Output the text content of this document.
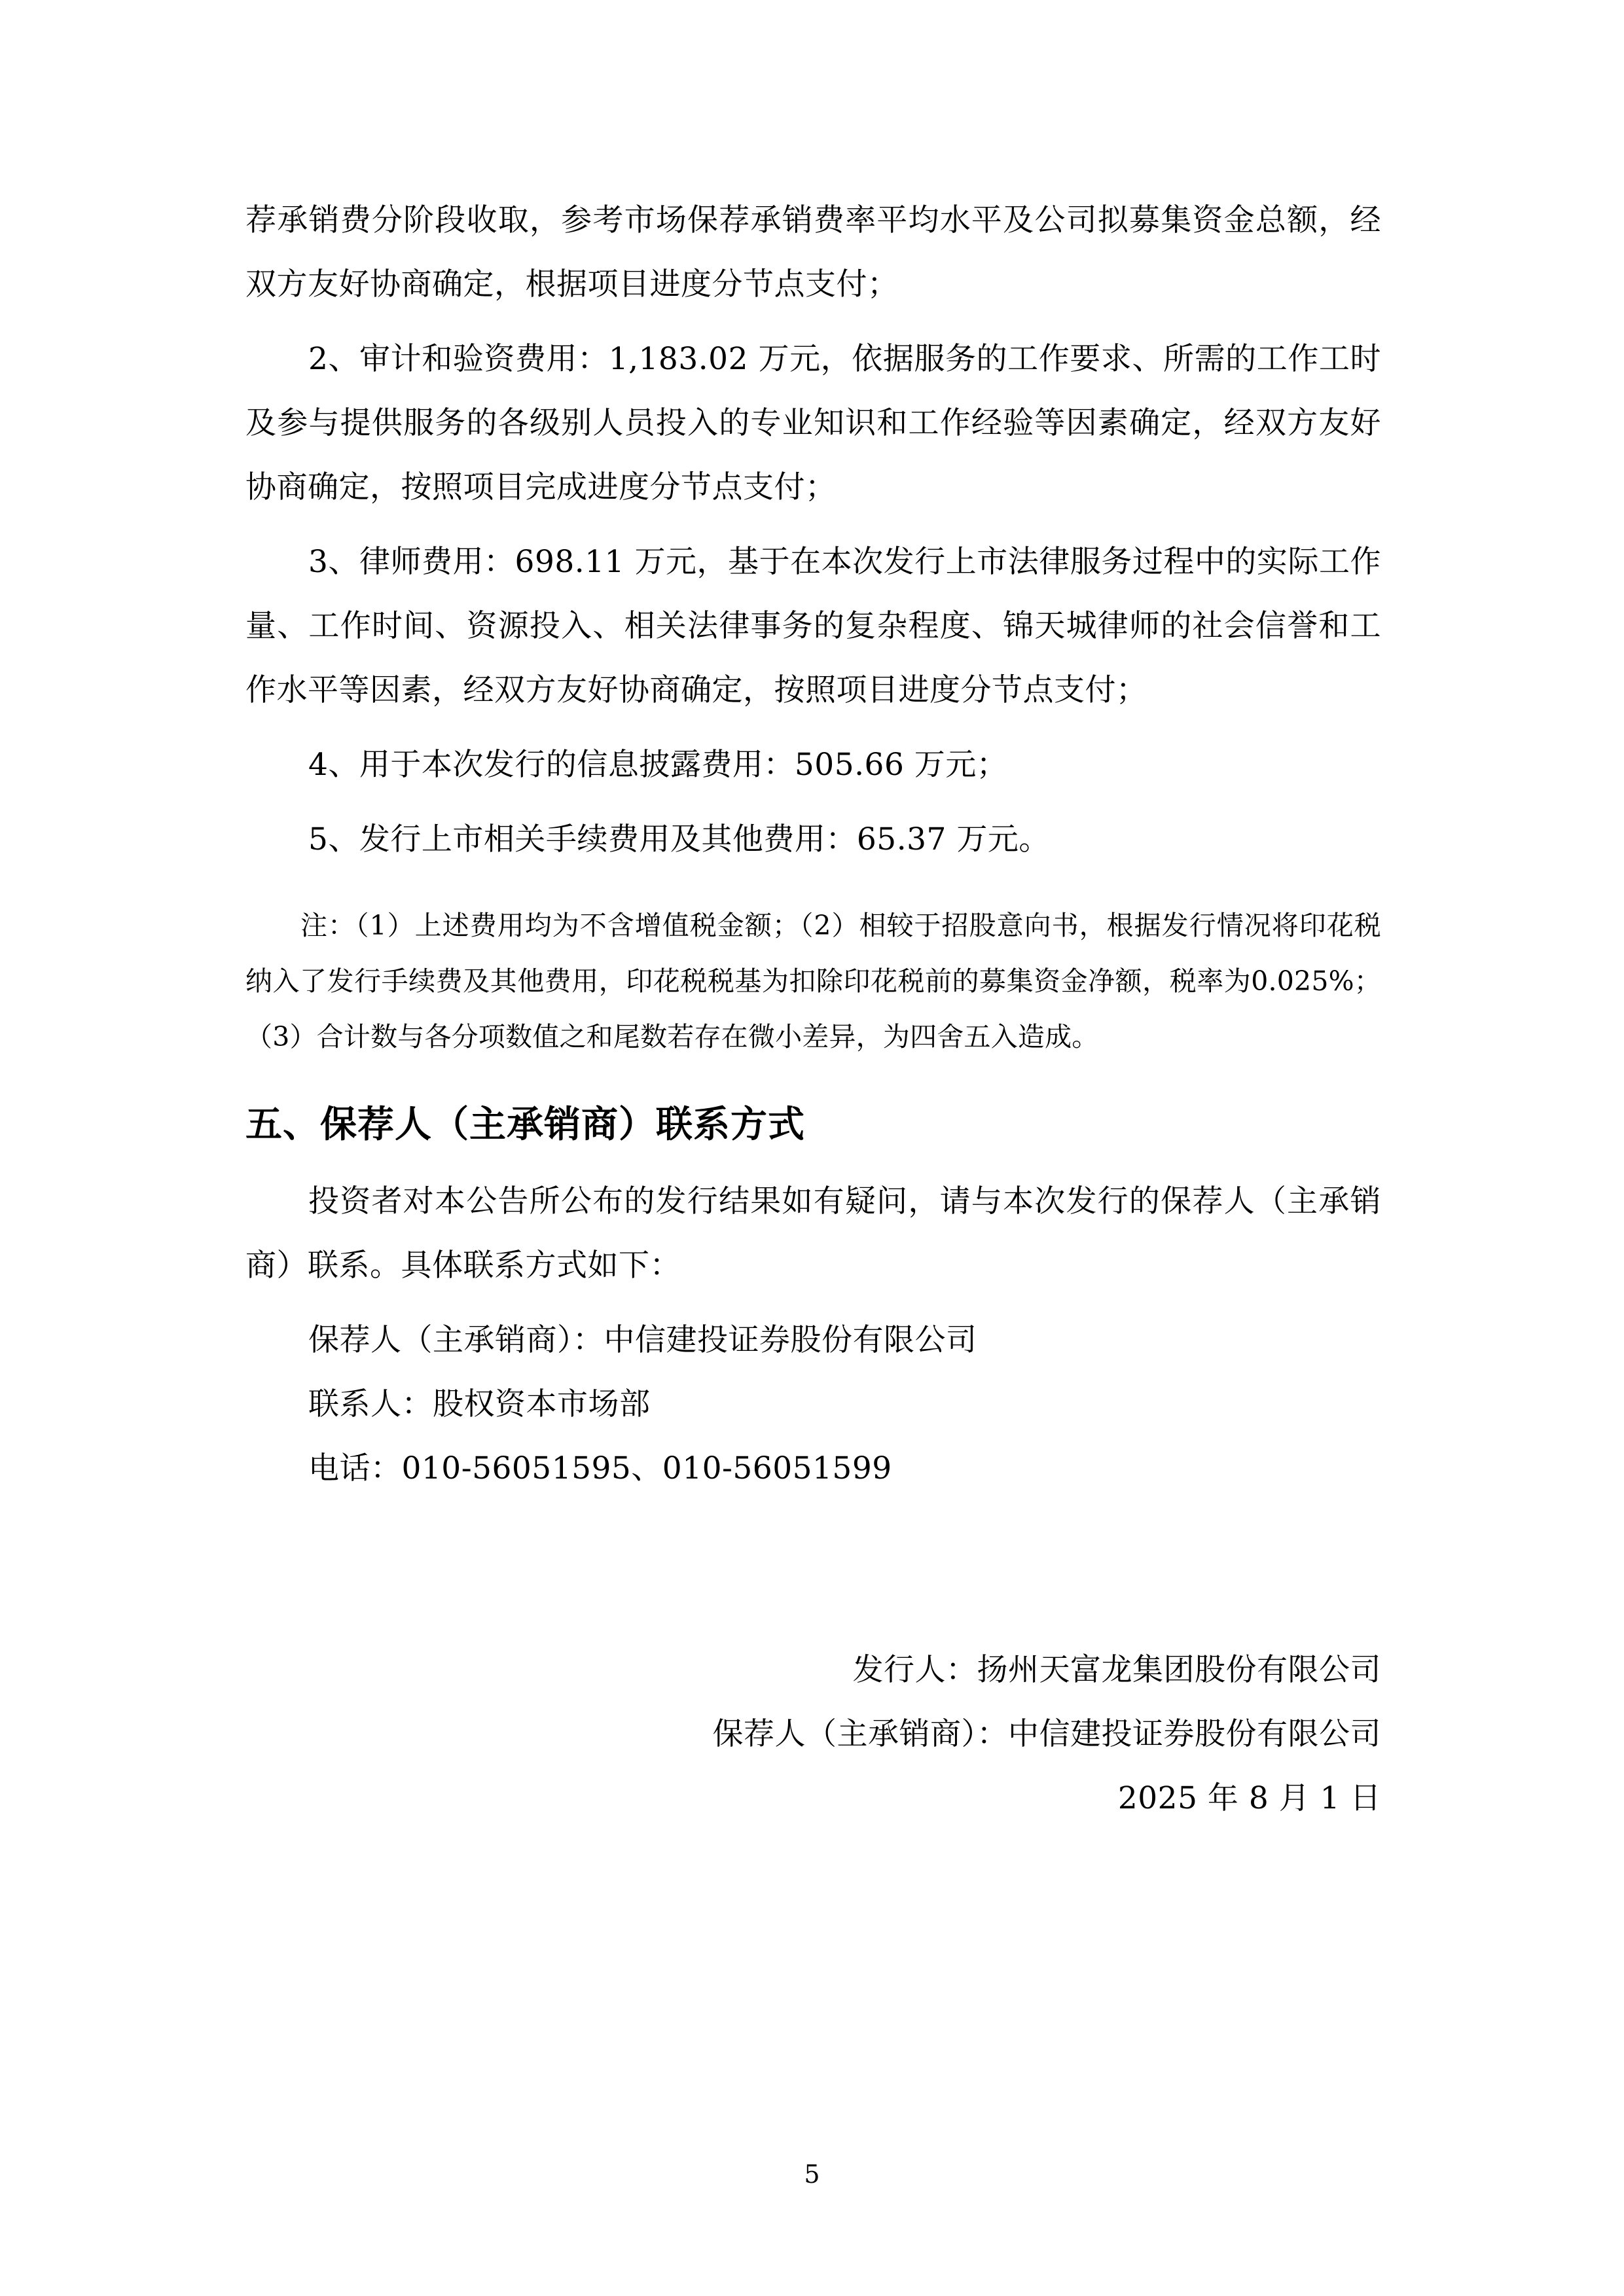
荐承销费分阶段收取，参考市场保荐承销费率平均水平及公司拟募集资金总额，经双方友好协商确定，根据项目进度分节点支付；

2、审计和验资费用：1,183.02 万元，依据服务的工作要求、所需的工作工时及参与提供服务的各级别人员投入的专业知识和工作经验等因素确定，经双方友好协商确定，按照项目完成进度分节点支付；

3、律师费用：698.11 万元，基于在本次发行上市法律服务过程中的实际工作量、工作时间、资源投入、相关法律事务的复杂程度、锦天城律师的社会信誉和工作水平等因素，经双方友好协商确定，按照项目进度分节点支付；

4、用于本次发行的信息披露费用：505.66 万元；

5、发行上市相关手续费用及其他费用：65.37 万元。

注：（1）上述费用均为不含增值税金额；（2）相较于招股意向书，根据发行情况将印花税纳入了发行手续费及其他费用，印花税税基为扣除印花税前的募集资金净额，税率为0.025%；（3）合计数与各分项数值之和尾数若存在微小差异，为四舍五入造成。

五、保荐人（主承销商）联系方式

投资者对本公告所公布的发行结果如有疑问，请与本次发行的保荐人（主承销商）联系。具体联系方式如下：

保荐人（主承销商）：中信建投证券股份有限公司

联系人：股权资本市场部

电话：010-56051595、010-56051599

发行人：扬州天富龙集团股份有限公司

保荐人（主承销商）：中信建投证券股份有限公司

2025 年 8 月 1 日

5
